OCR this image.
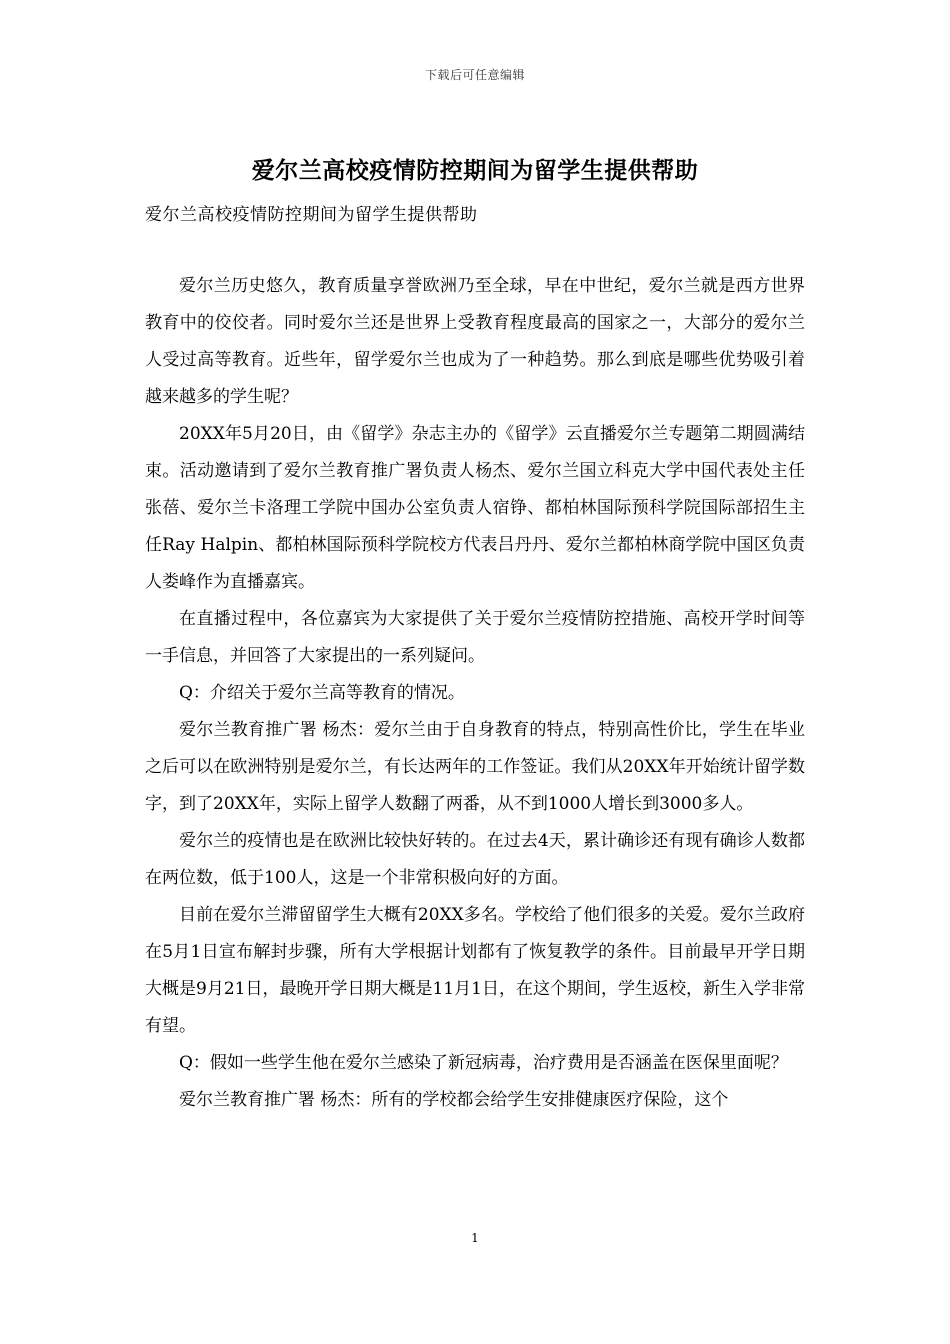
下载后可任意编辑
爱尔兰高校疫情防控期间为留学生提供帮助
爱尔兰高校疫情防控期间为留学生提供帮助

爱尔兰历史悠久，教育质量享誉欧洲乃至全球，早在中世纪，爱尔兰就是西方世界教育中的佼佼者。同时爱尔兰还是世界上受教育程度最高的国家之一，大部分的爱尔兰人受过高等教育。近些年，留学爱尔兰也成为了一种趋势。那么到底是哪些优势吸引着越来越多的学生呢？

20XX年5月20日，由《留学》杂志主办的《留学》云直播爱尔兰专题第二期圆满结束。活动邀请到了爱尔兰教育推广署负责人杨杰、爱尔兰国立科克大学中国代表处主任张蓓、爱尔兰卡洛理工学院中国办公室负责人宿铮、都柏林国际预科学院国际部招生主任Ray Halpin、都柏林国际预科学院校方代表吕丹丹、爱尔兰都柏林商学院中国区负责人娄峰作为直播嘉宾。

在直播过程中，各位嘉宾为大家提供了关于爱尔兰疫情防控措施、高校开学时间等一手信息，并回答了大家提出的一系列疑问。

Q：介绍关于爱尔兰高等教育的情况。

爱尔兰教育推广署 杨杰：爱尔兰由于自身教育的特点，特别高性价比，学生在毕业之后可以在欧洲特别是爱尔兰，有长达两年的工作签证。我们从20XX年开始统计留学数字，到了20XX年，实际上留学人数翻了两番，从不到1000人增长到3000多人。

爱尔兰的疫情也是在欧洲比较快好转的。在过去4天，累计确诊还有现有确诊人数都在两位数，低于100人，这是一个非常积极向好的方面。

目前在爱尔兰滞留留学生大概有20XX多名。学校给了他们很多的关爱。爱尔兰政府在5月1日宣布解封步骤，所有大学根据计划都有了恢复教学的条件。目前最早开学日期大概是9月21日，最晚开学日期大概是11月1日，在这个期间，学生返校，新生入学非常有望。

Q：假如一些学生他在爱尔兰感染了新冠病毒，治疗费用是否涵盖在医保里面呢？

爱尔兰教育推广署 杨杰：所有的学校都会给学生安排健康医疗保险，这个

1
